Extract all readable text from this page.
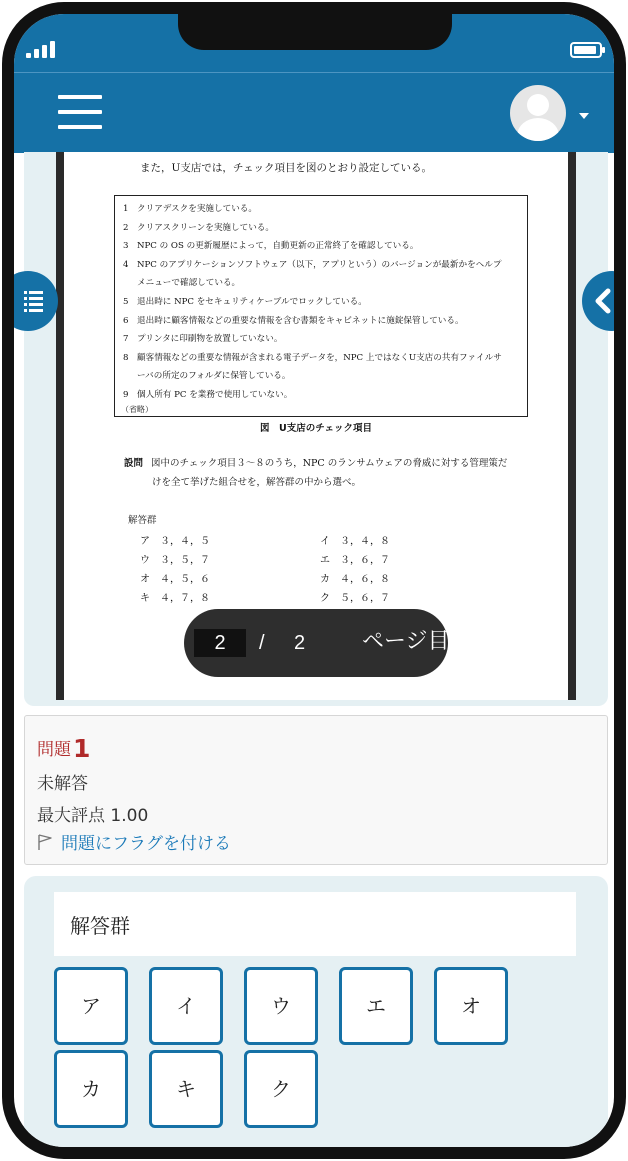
また，U支店では，チェック項目を図のとおり設定している。
1 クリアデスクを実施している。
2 クリアスクリーンを実施している。
3 NPC の OS の更新履歴によって，自動更新の正常終了を確認している。
4 NPC のアプリケーションソフトウェア（以下，アプリという）のバージョンが最新かをヘルプ
メニューで確認している。
5 退出時に NPC をセキュリティケーブルでロックしている。
6 退出時に顧客情報などの重要な情報を含む書類をキャビネットに施錠保管している。
7 プリンタに印刷物を放置していない。
8 顧客情報などの重要な情報が含まれる電子データを，NPC 上ではなくU支店の共有ファイルサ
ーバの所定のフォルダに保管している。
9 個人所有 PC を業務で使用していない。
（省略）
図　U支店のチェック項目
設問 図中のチェック項目３～８のうち，NPC のランサムウェアの脅威に対する管理策だ
けを全て挙げた組合せを，解答群の中から選べ。
解答群
ア　３，４，５	イ　３，４，８
ウ　３，５，７	エ　３，６，７
オ　４，５，６	カ　４，６，８
キ　４，７，８	ク　５，６，７
2	/ 2	ページ目
問題1
未解答
最大評点 1.00
問題にフラグを付ける
解答群
ア	イ	ウ	エ	オ
カ	キ	ク
